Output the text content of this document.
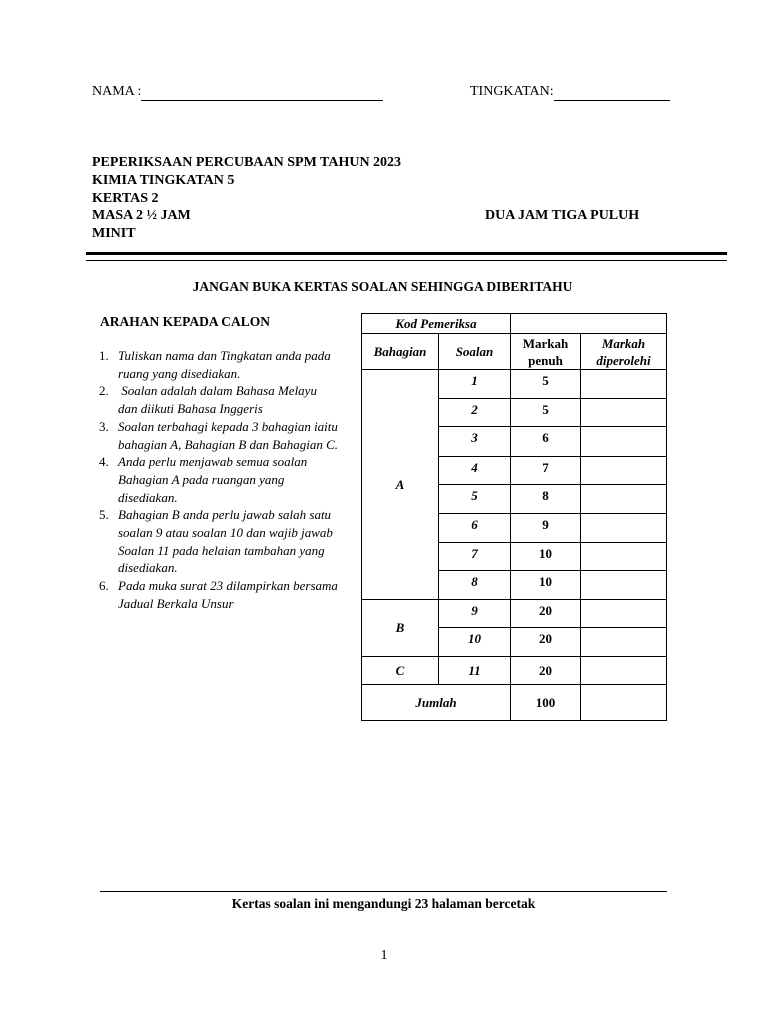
NAMA :	TINGKATAN:
PEPERIKSAAN PERCUBAAN SPM TAHUN 2023
KIMIA TINGKATAN 5
KERTAS 2
MASA 2 ½ JAM	DUA JAM TIGA PULUH
MINIT
JANGAN BUKA KERTAS SOALAN SEHINGGA DIBERITAHU
ARAHAN KEPADA CALON
1. Tuliskan nama dan Tingkatan anda pada ruang yang disediakan.
2. Soalan adalah dalam Bahasa Melayu dan diikuti Bahasa Inggeris
3. Soalan terbahagi kepada 3 bahagian iaitu bahagian A, Bahagian B dan Bahagian C.
4. Anda perlu menjawab semua soalan Bahagian A pada ruangan yang disediakan.
5. Bahagian B anda perlu jawab salah satu soalan 9 atau soalan 10 dan wajib jawab Soalan 11 pada helaian tambahan yang disediakan.
6. Pada muka surat 23 dilampirkan bersama Jadual Berkala Unsur
Kod Pemeriksa			
Bahagian	Soalan	Markah penuh	Markah diperolehi
A	1	5	
	2	5	
	3	6	
	4	7	
	5	8	
	6	9	
	7	10	
	8	10	
B	9	20	
	10	20	
C	11	20	
Jumlah		100	
Kertas soalan ini mengandungi 23 halaman bercetak
1
